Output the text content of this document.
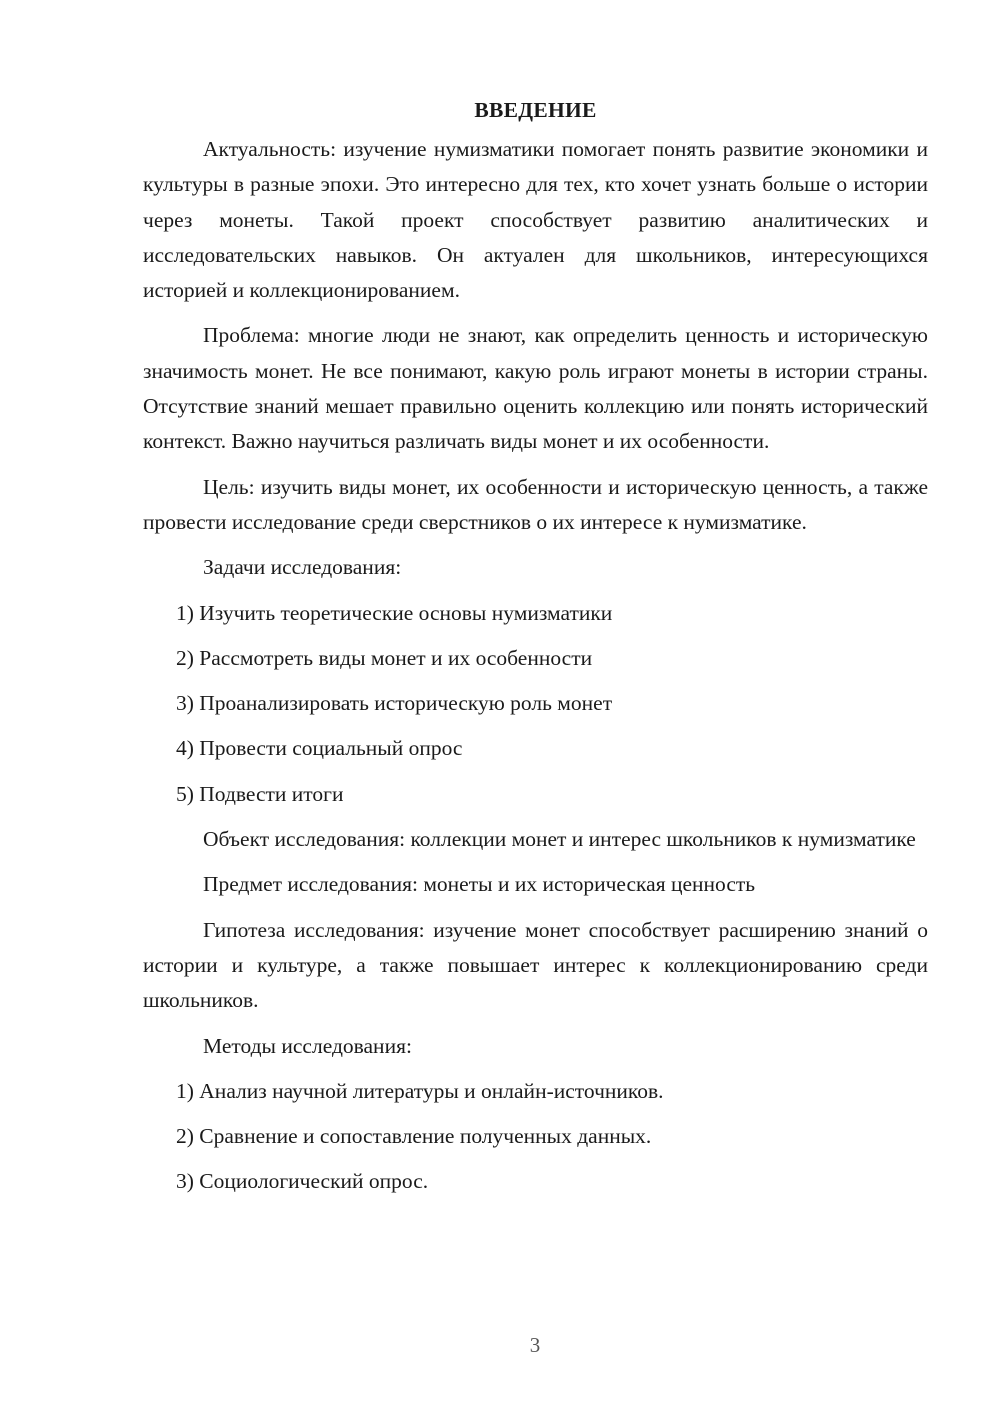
ВВЕДЕНИЕ

Актуальность: изучение нумизматики помогает понять развитие экономики и культуры в разные эпохи. Это интересно для тех, кто хочет узнать больше о истории через монеты. Такой проект способствует развитию аналитических и исследовательских навыков. Он актуален для школьников, интересующихся историей и коллекционированием.

Проблема: многие люди не знают, как определить ценность и историческую значимость монет. Не все понимают, какую роль играют монеты в истории страны. Отсутствие знаний мешает правильно оценить коллекцию или понять исторический контекст. Важно научиться различать виды монет и их особенности.

Цель: изучить виды монет, их особенности и историческую ценность, а также провести исследование среди сверстников о их интересе к нумизматике.

Задачи исследования:

1) Изучить теоретические основы нумизматики

2) Рассмотреть виды монет и их особенности

3) Проанализировать историческую роль монет

4) Провести социальный опрос

5) Подвести итоги

Объект исследования: коллекции монет и интерес школьников к нумизматике

Предмет исследования: монеты и их историческая ценность

Гипотеза исследования: изучение монет способствует расширению знаний о истории и культуре, а также повышает интерес к коллекционированию среди школьников.

Методы исследования:

1) Анализ научной литературы и онлайн-источников.

2) Сравнение и сопоставление полученных данных.

3) Социологический опрос.

3
